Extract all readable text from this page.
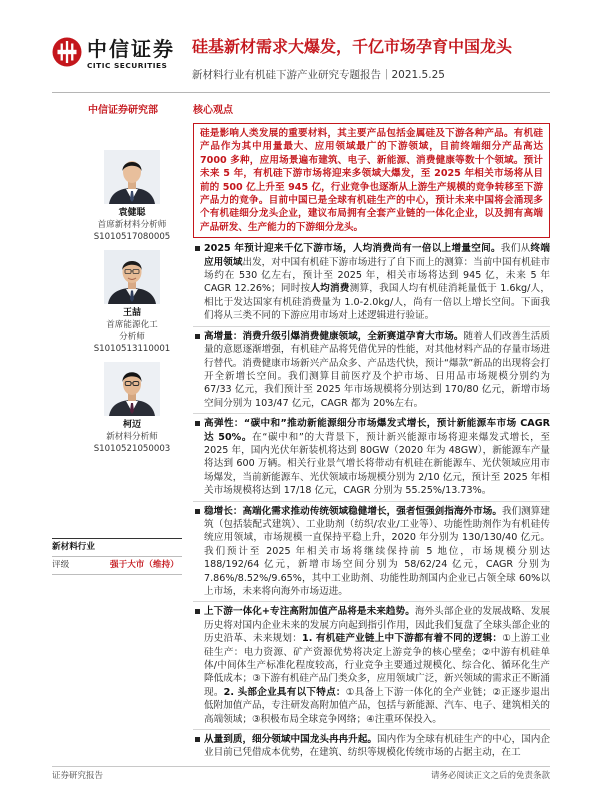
中信证券
CITIC SECURITIES
硅基新材需求大爆发，千亿市场孕育中国龙头
新材料行业有机硅下游产业研究专题报告｜2021.5.25
中信证券研究部
袁健聪
首席新材料分析师
S1010517080005
王喆
首席能源化工
分析师
S1010513110001
柯迈
新材料分析师
S1010521050003
新材料行业
评级	强于大市（维持）
核心观点
硅是影响人类发展的重要材料，其主要产品包括金属硅及下游各种产品。有机硅产品作为其中用量最大、应用领域最广的下游领域，目前终端细分产品高达 7000 多种，应用场景遍布建筑、电子、新能源、消费健康等数十个领域。预计未来 5 年，有机硅下游市场将迎来多领域大爆发，至 2025 年相关市场将从目前的 500 亿上升至 945 亿，行业竞争也逐渐从上游生产规模的竞争转移至下游产品力的竞争。目前中国已是全球有机硅生产的中心，预计未来中国将会涌现多个有机硅细分龙头企业，建议布局拥有全套产业链的一体化企业，以及拥有高端产品研发、生产能力的下游细分龙头。

2025 年预计迎来千亿下游市场，人均消费尚有一倍以上增量空间。我们从终端应用领域出发，对中国有机硅下游市场进行了自下而上的测算：当前中国有机硅市场约在 530 亿左右，预计至 2025 年，相关市场将达到 945 亿，未来 5 年 CAGR 12.26%；同时按人均消费测算，我国人均有机硅消耗量低于 1.6kg/人，相比于发达国家有机硅消费量为 1.0-2.0kg/人，尚有一倍以上增长空间。下面我们将从三类不同的下游应用市场对上述逻辑进行验证。

高增量：消费升级引爆消费健康领域，全新赛道孕育大市场。随着人们改善生活质量的意愿逐渐增强，有机硅产品将凭借优异的性能，对其他材料产品的存量市场进行替代。消费健康市场新兴产品众多、产品迭代快，预计“爆款”新品的出现将会打开全新增长空间。我们测算目前医疗及个护市场、日用品市场规模分别约为 67/33 亿元，我们预计至 2025 年市场规模将分别达到 170/80 亿元，新增市场空间分别为 103/47 亿元，CAGR 都为 20%左右。

高弹性：“碳中和”推动新能源细分市场爆发式增长，预计新能源车市场 CAGR 达 50%。在“碳中和”的大背景下，预计新兴能源市场将迎来爆发式增长，至 2025 年，国内光伏年新装机将达到 80GW（2020 年为 48GW），新能源车产量将达到 600 万辆。相关行业景气增长将带动有机硅在新能源车、光伏领域应用市场爆发，当前新能源车、光伏领域市场规模分别为 2/10 亿元，预计至 2025 年相关市场规模将达到 17/18 亿元，CAGR 分别为 55.25%/13.73%。

稳增长：高端化需求推动传统领域稳健增长，强者恒强剑指海外市场。我们测算建筑（包括装配式建筑）、工业助剂（纺织/农业/工业等）、功能性助剂作为有机硅传统应用领域，市场规模一直保持平稳上升，2020 年分别为 130/130/40 亿元。我们预计至 2025 年相关市场将继续保持前 5 地位，市场规模分别达 188/192/64 亿元，新增市场空间分别为 58/62/24 亿元，CAGR 分别为 7.86%/8.52%/9.65%，其中工业助剂、功能性助剂国内企业已占领全球 60%以上市场，未来将向海外市场迈进。

上下游一体化+专注高附加值产品将是未来趋势。海外头部企业的发展战略、发展历史将对国内企业未来的发展方向起到指引作用，因此我们复盘了全球头部企业的历史沿革、未来规划：1. 有机硅产业链上中下游都有着不同的逻辑：①上游工业硅生产：电力资源、矿产资源优势将决定上游竞争的核心壁垒；②中游有机硅单体/中间体生产标准化程度较高，行业竞争主要通过规模化、综合化、循环化生产降低成本；③下游有机硅产品门类众多，应用领域广泛，新兴领域的需求正不断涌现。2. 头部企业具有以下特点：①具备上下游一体化的全产业链；②正逐步退出低附加值产品，专注研发高附加值产品，包括与新能源、汽车、电子、建筑相关的高端领域；③积极布局全球竞争网络；④注重环保投入。

从量到质，细分领域中国龙头冉冉升起。国内作为全球有机硅生产的中心，国内企业目前已凭借成本优势，在建筑、纺织等规模化传统市场的占据主动，在工

证券研究报告	请务必阅读正文之后的免责条款
